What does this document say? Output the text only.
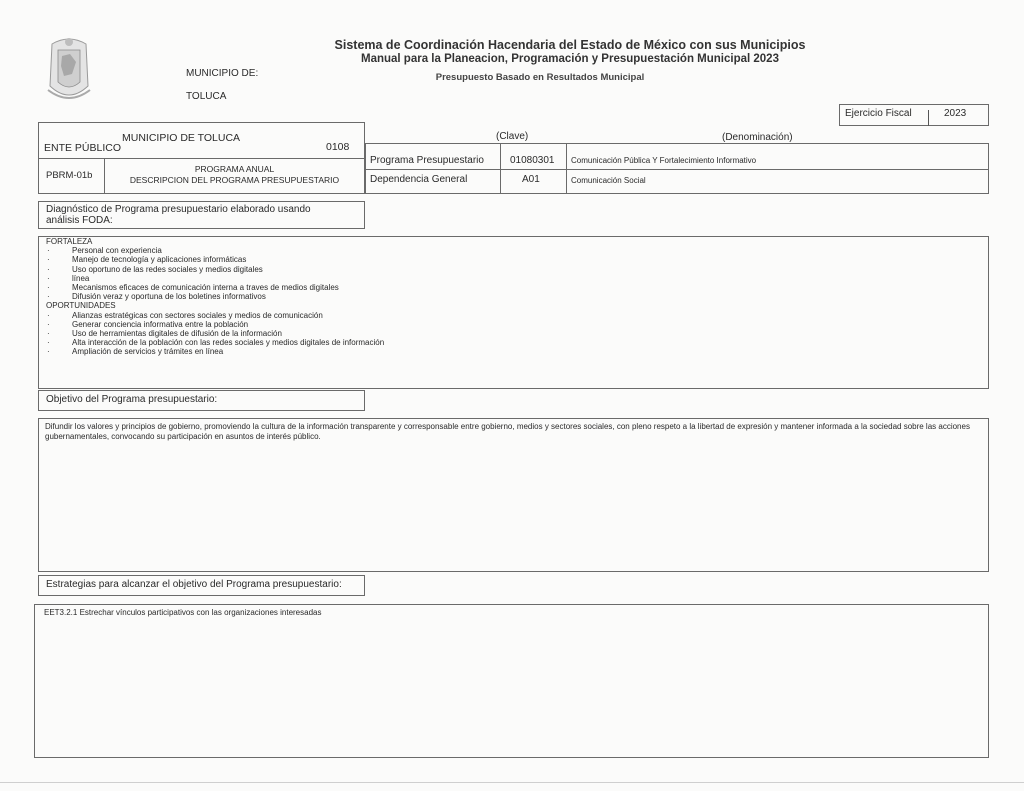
Sistema de Coordinación Hacendaria del Estado de México con sus Municipios
Manual para la Planeacion, Programación y Presupuestación Municipal 2023
Presupuesto Basado en Resultados Municipal
MUNICIPIO DE:
TOLUCA
Ejercicio Fiscal	2023
MUNICIPIO DE TOLUCA
ENTE PÚBLICO	0108
PBRM-01b
PROGRAMA ANUAL
DESCRIPCION DEL PROGRAMA PRESUPUESTARIO
(Clave)	(Denominación)
Programa Presupuestario	01080301 Comunicación Pública Y Fortalecimiento Informativo
Dependencia General	A01	Comunicación Social
Diagnóstico de Programa presupuestario elaborado usando
análisis FODA:
FORTALEZA
· Personal con experiencia
· Manejo de tecnología y aplicaciones informáticas
· Uso oportuno de las redes sociales y medios digitales
· línea
· Mecanismos eficaces de comunicación interna a traves de medios digitales
· Difusión veraz y oportuna de los boletines informativos
OPORTUNIDADES
· Alianzas estratégicas con sectores sociales y medios de comunicación
· Generar conciencia informativa entre la población
· Uso de herramientas digitales de difusión de la información
· Alta interacción de la población con las redes sociales y medios digitales de información
· Ampliación de servicios y trámites en línea
Objetivo del Programa presupuestario:
Difundir los valores y principios de gobierno, promoviendo la cultura de la información transparente y corresponsable entre gobierno, medios y sectores sociales, con pleno respeto a la libertad de expresión y mantener informada a la sociedad sobre las acciones gubernamentales, convocando su participación en asuntos de interés público.
Estrategias para alcanzar el objetivo del Programa presupuestario:
EET3.2.1 Estrechar vínculos participativos con las organizaciones interesadas
